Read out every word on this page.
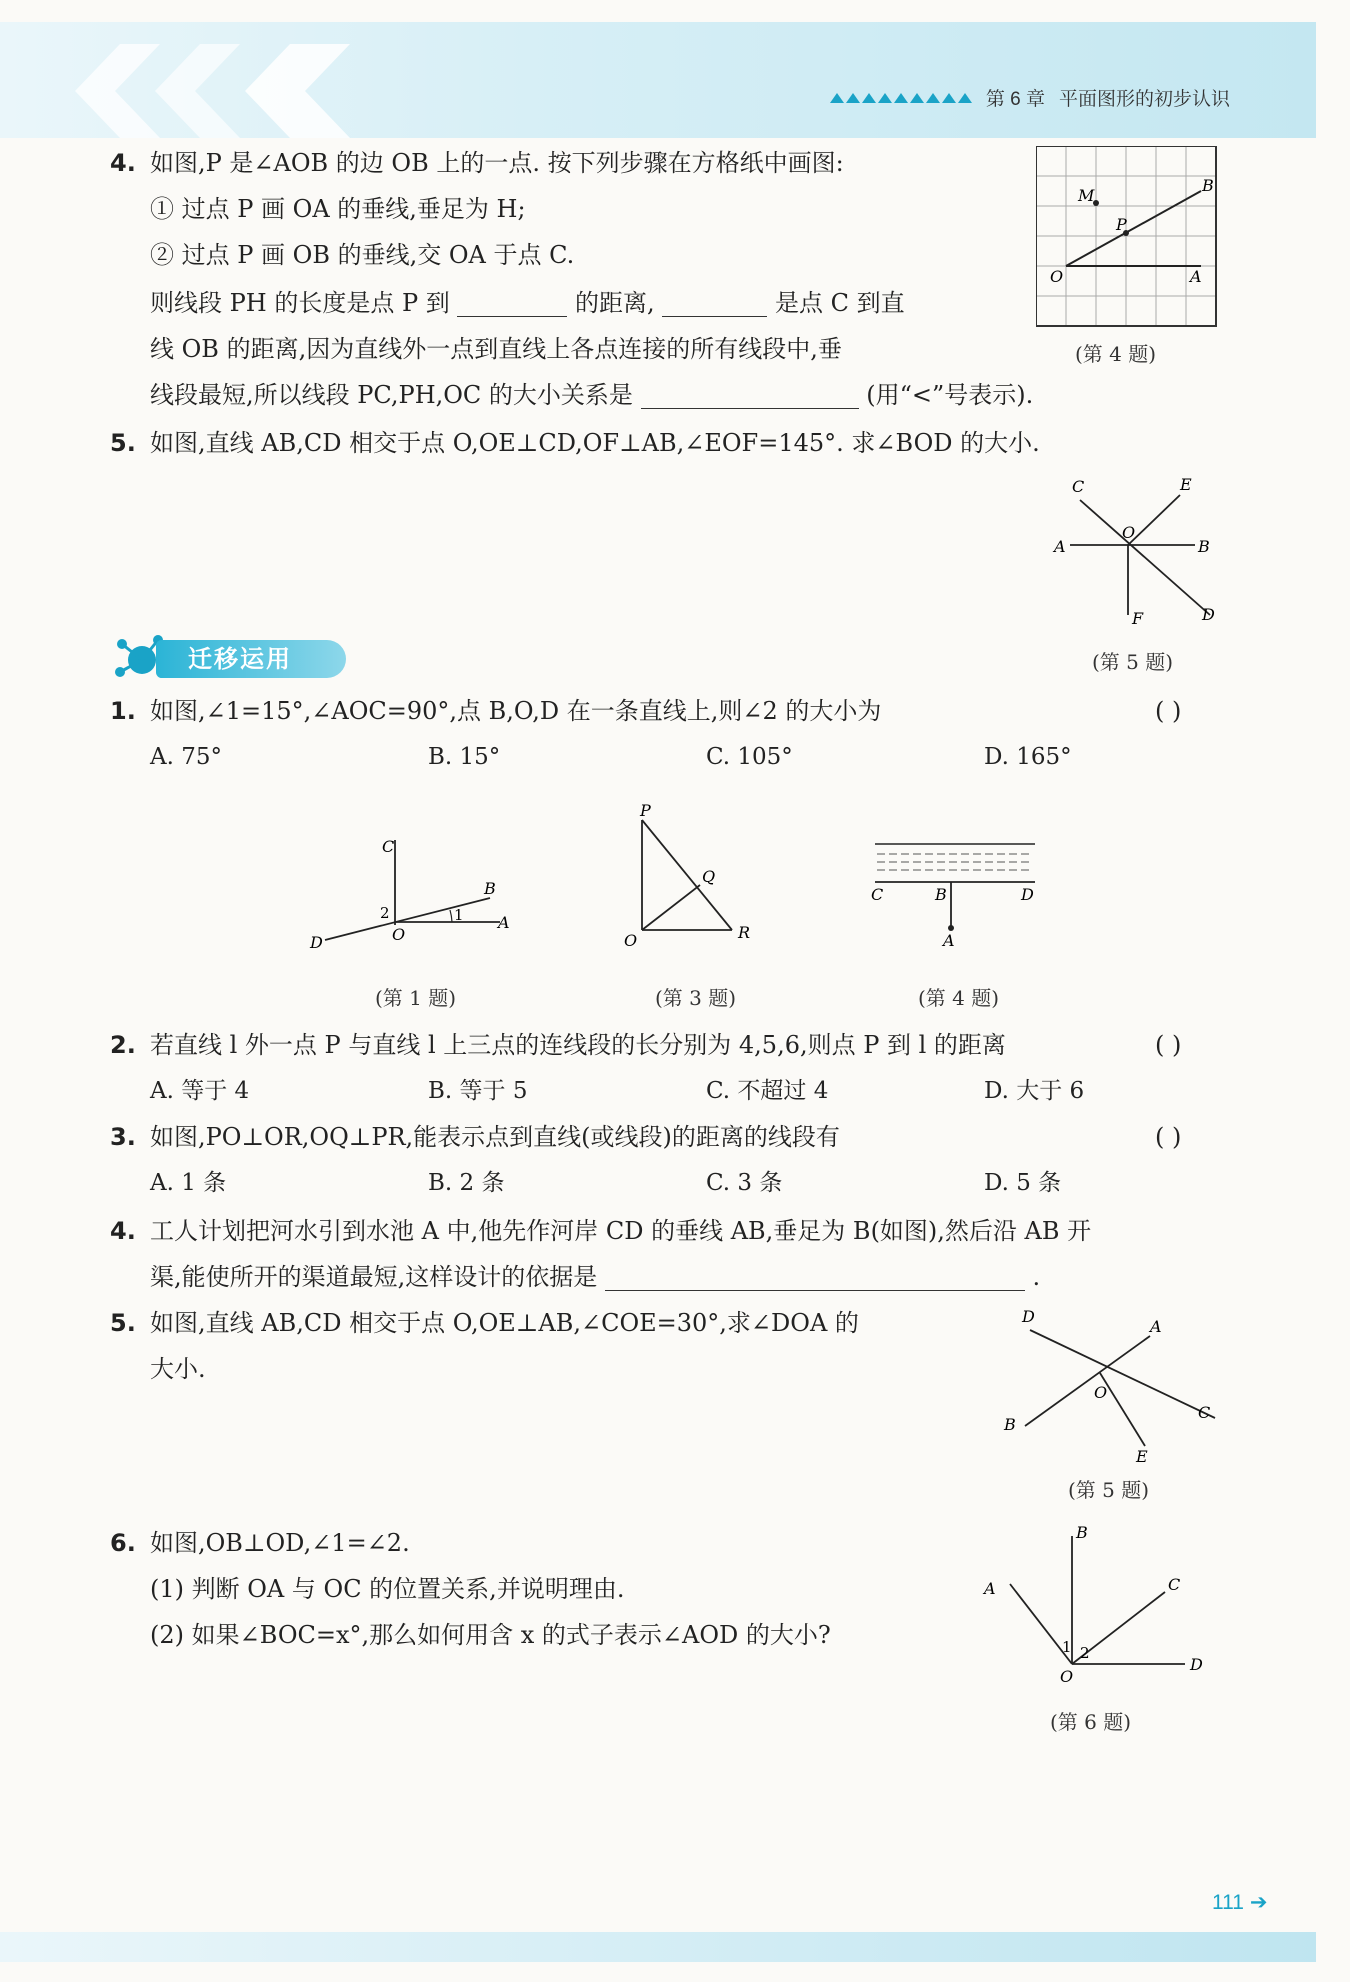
第 6 章 平面图形的初步认识
4. 如图,P 是∠AOB 的边 OB 上的一点. 按下列步骤在方格纸中画图:
① 过点 P 画 OA 的垂线,垂足为 H;
② 过点 P 画 OB 的垂线,交 OA 于点 C.
则线段 PH 的长度是点 P 到	的距离,	是点 C 到直
线 OB 的距离,因为直线外一点到直线上各点连接的所有线段中,垂
线段最短,所以线段 PC,PH,OC 的大小关系是	(用“<”号表示).
M
B
P
O	A
(第 4 题)
5. 如图,直线 AB,CD 相交于点 O,OE⊥CD,OF⊥AB,∠EOF=145°. 求∠BOD 的大小.
C	E
A
O
B
F	D
(第 5 题)
迁移运用
1. 如图,∠1=15°,∠AOC=90°,点 B,O,D 在一条直线上,则∠2 的大小为	( )
A. 75°	B. 15°	C. 105°	D. 165°
C
B
2	1
D	O
A
(第 1 题)
P
Q
O	R
(第 3 题)
C	B	D
A
(第 4 题)
2. 若直线 l 外一点 P 与直线 l 上三点的连线段的长分别为 4,5,6,则点 P 到 l 的距离	( )
A. 等于 4	B. 等于 5	C. 不超过 4	D. 大于 6
3. 如图,PO⊥OR,OQ⊥PR,能表示点到直线(或线段)的距离的线段有	( )
A. 1 条	B. 2 条	C. 3 条	D. 5 条
4. 工人计划把河水引到水池 A 中,他先作河岸 CD 的垂线 AB,垂足为 B(如图),然后沿 AB 开
渠,能使所开的渠道最短,这样设计的依据是	.
5. 如图,直线 AB,CD 相交于点 O,OE⊥AB,∠COE=30°,求∠DOA 的
大小.
D
A
O
B
C
E
(第 5 题)
6. 如图,OB⊥OD,∠1=∠2.
(1) 判断 OA 与 OC 的位置关系,并说明理由.
(2) 如果∠BOC=x°,那么如何用含 x 的式子表示∠AOD 的大小?
B
A	C
1 2
O
D
(第 6 题)
111 ➔
